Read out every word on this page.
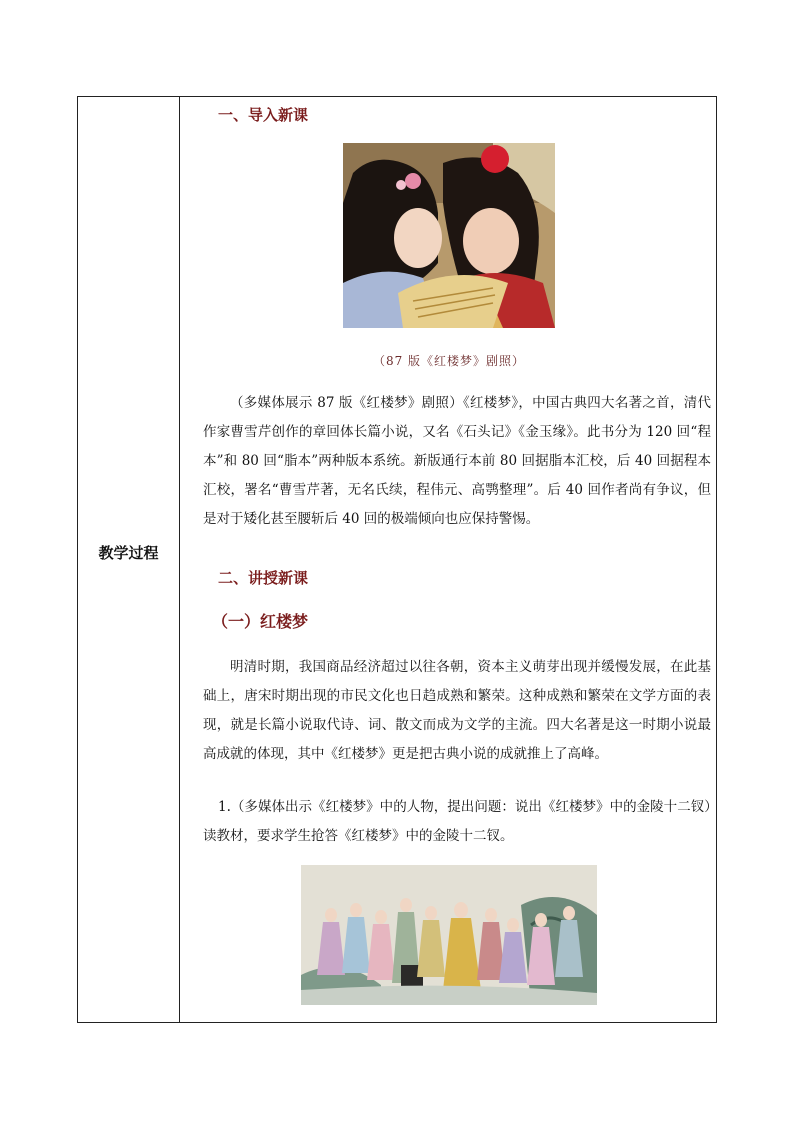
教学过程
一、导入新课
（87 版《红楼梦》剧照）
（多媒体展示 87 版《红楼梦》剧照）《红楼梦》，中国古典四大名著之首，清代作家曹雪芹创作的章回体长篇小说，又名《石头记》《金玉缘》。此书分为 120 回“程本”和 80 回“脂本”两种版本系统。新版通行本前 80 回据脂本汇校，后 40 回据程本汇校，署名“曹雪芹著，无名氏续，程伟元、高鹗整理”。后 40 回作者尚有争议，但是对于矮化甚至腰斩后 40 回的极端倾向也应保持警惕。
二、讲授新课
（一）红楼梦
明清时期，我国商品经济超过以往各朝，资本主义萌芽出现并缓慢发展，在此基础上，唐宋时期出现的市民文化也日趋成熟和繁荣。这种成熟和繁荣在文学方面的表现，就是长篇小说取代诗、词、散文而成为文学的主流。四大名著是这一时期小说最高成就的体现，其中《红楼梦》更是把古典小说的成就推上了高峰。
1.（多媒体出示《红楼梦》中的人物，提出问题：说出《红楼梦》中的金陵十二钗）读教材，要求学生抢答《红楼梦》中的金陵十二钗。
